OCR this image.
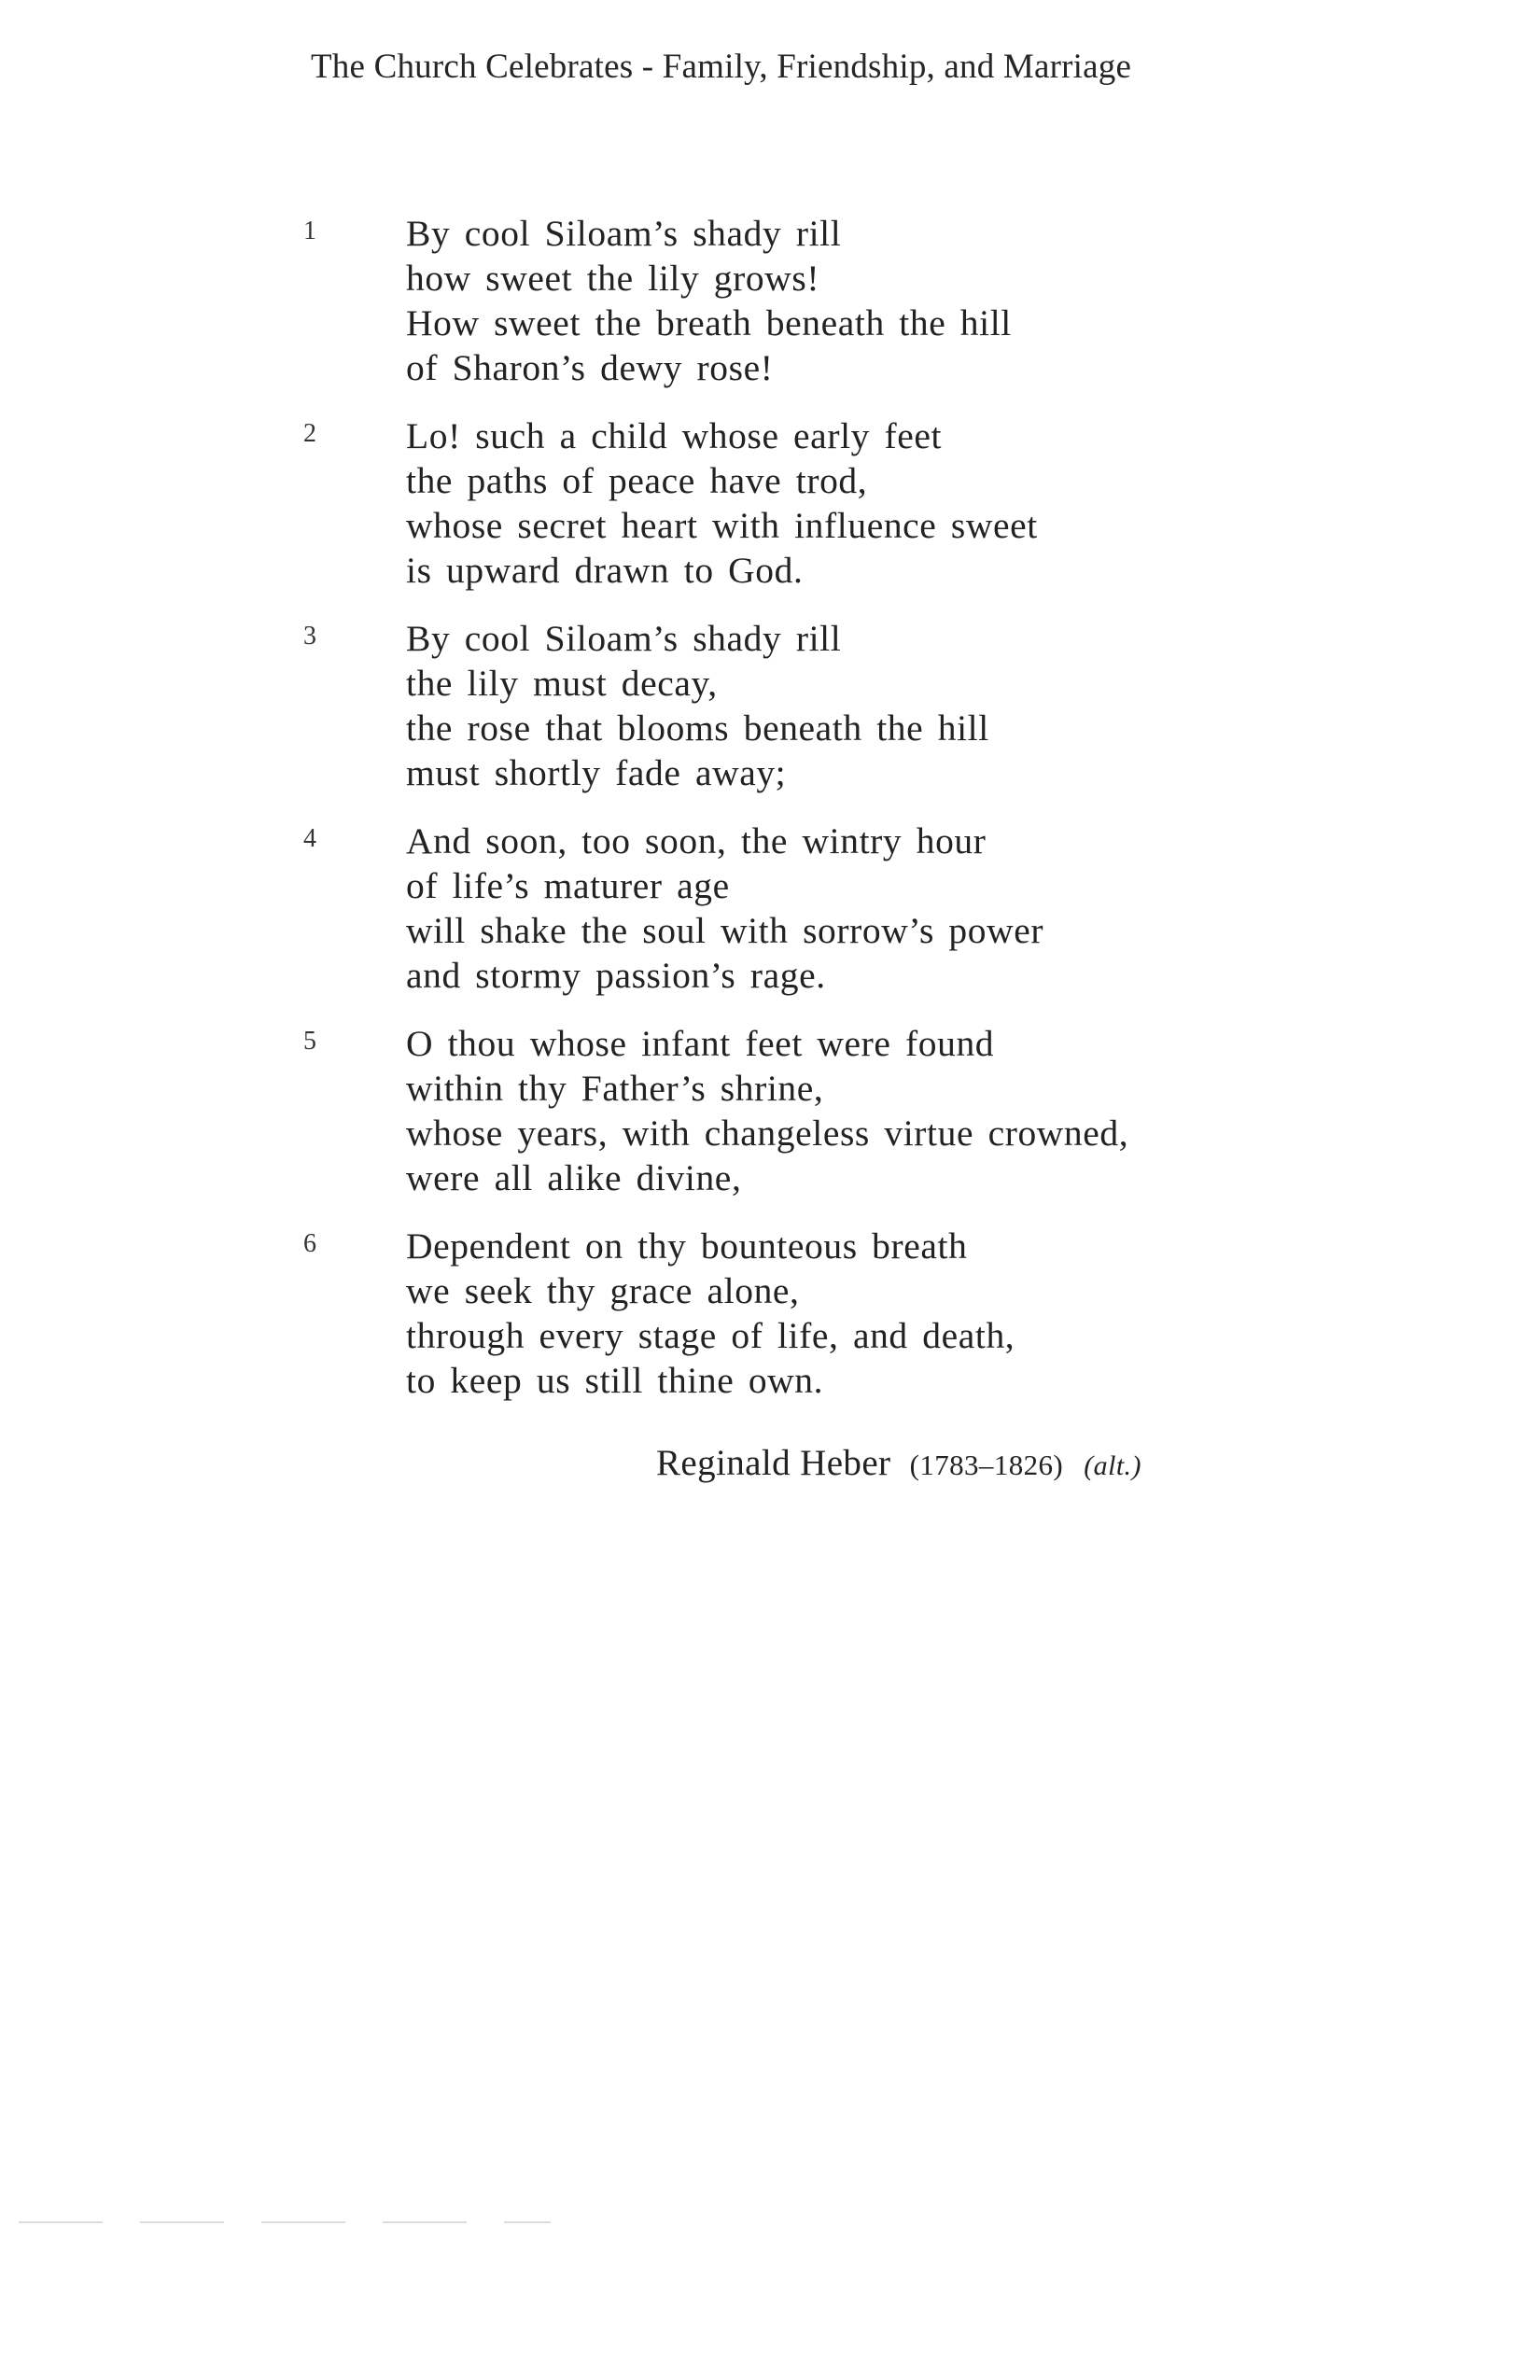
The Church Celebrates - Family, Friendship, and Marriage
1 By cool Siloam’s shady rill
how sweet the lily grows!
How sweet the breath beneath the hill
of Sharon’s dewy rose!
2 Lo! such a child whose early feet
the paths of peace have trod,
whose secret heart with influence sweet
is upward drawn to God.
3 By cool Siloam’s shady rill
the lily must decay,
the rose that blooms beneath the hill
must shortly fade away;
4 And soon, too soon, the wintry hour
of life’s maturer age
will shake the soul with sorrow’s power
and stormy passion’s rage.
5 O thou whose infant feet were found
within thy Father’s shrine,
whose years, with changeless virtue crowned,
were all alike divine,
6 Dependent on thy bounteous breath
we seek thy grace alone,
through every stage of life, and death,
to keep us still thine own.
Reginald Heber (1783–1826) (alt.)
